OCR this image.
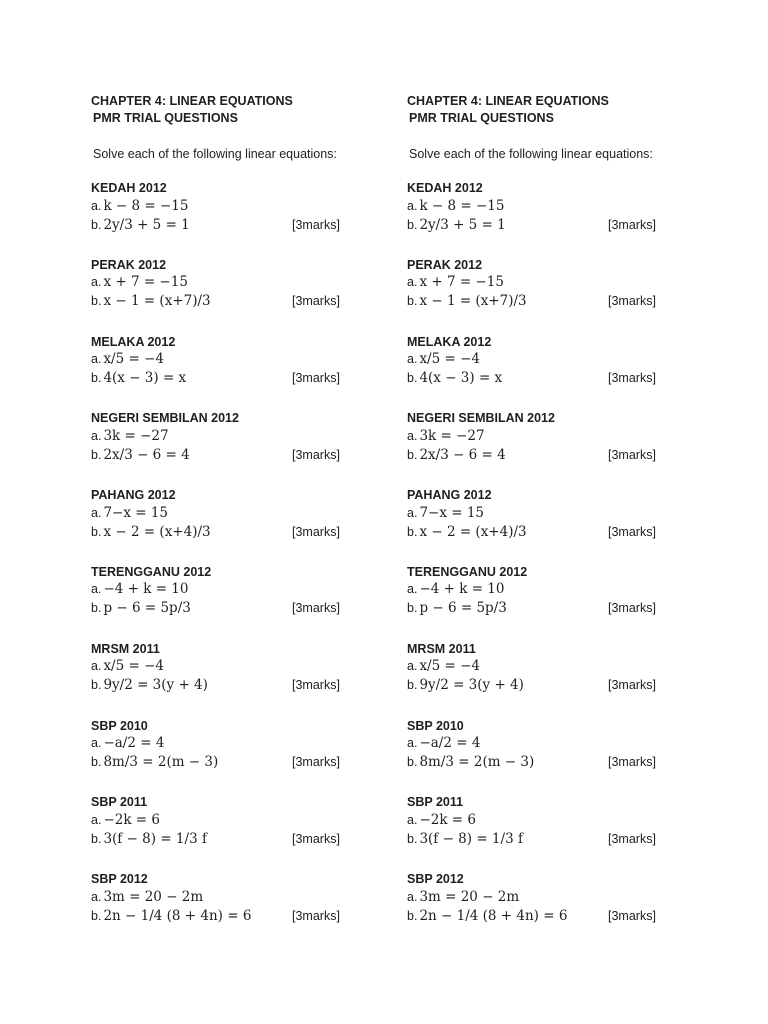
CHAPTER 4: LINEAR EQUATIONS
PMR TRIAL QUESTIONS
Solve each of the following linear equations:
KEDAH 2012
a. k − 8 = −15
b. 2y/3 + 5 = 1	[3marks]
PERAK 2012
a. x + 7 = −15
b. x − 1 = (x+7)/3	[3marks]
MELAKA 2012
a. x/5 = −4
b. 4(x − 3) = x	[3marks]
NEGERI SEMBILAN 2012
a. 3k = −27
b. 2x/3 − 6 = 4	[3marks]
PAHANG 2012
a. 7−x = 15
b. x − 2 = (x+4)/3	[3marks]
TERENGGANU 2012
a. −4 + k = 10
b. p − 6 = 5p/3	[3marks]
MRSM 2011
a. x/5 = −4
b. 9y/2 = 3(y + 4)	[3marks]
SBP 2010
a. −a/2 = 4
b. 8m/3 = 2(m − 3)	[3marks]
SBP 2011
a. −2k = 6
b. 3(f − 8) = 1/3 f	[3marks]
SBP 2012
a. 3m = 20 − 2m
b. 2n − 1/4 (8 + 4n) = 6	[3marks]
CHAPTER 4: LINEAR EQUATIONS
PMR TRIAL QUESTIONS
Solve each of the following linear equations:
KEDAH 2012
a. k − 8 = −15
b. 2y/3 + 5 = 1	[3marks]
PERAK 2012
a. x + 7 = −15
b. x − 1 = (x+7)/3	[3marks]
MELAKA 2012
a. x/5 = −4
b. 4(x − 3) = x	[3marks]
NEGERI SEMBILAN 2012
a. 3k = −27
b. 2x/3 − 6 = 4	[3marks]
PAHANG 2012
a. 7−x = 15
b. x − 2 = (x+4)/3	[3marks]
TERENGGANU 2012
a. −4 + k = 10
b. p − 6 = 5p/3	[3marks]
MRSM 2011
a. x/5 = −4
b. 9y/2 = 3(y + 4)	[3marks]
SBP 2010
a. −a/2 = 4
b. 8m/3 = 2(m − 3)	[3marks]
SBP 2011
a. −2k = 6
b. 3(f − 8) = 1/3 f	[3marks]
SBP 2012
a. 3m = 20 − 2m
b. 2n − 1/4 (8 + 4n) = 6	[3marks]
